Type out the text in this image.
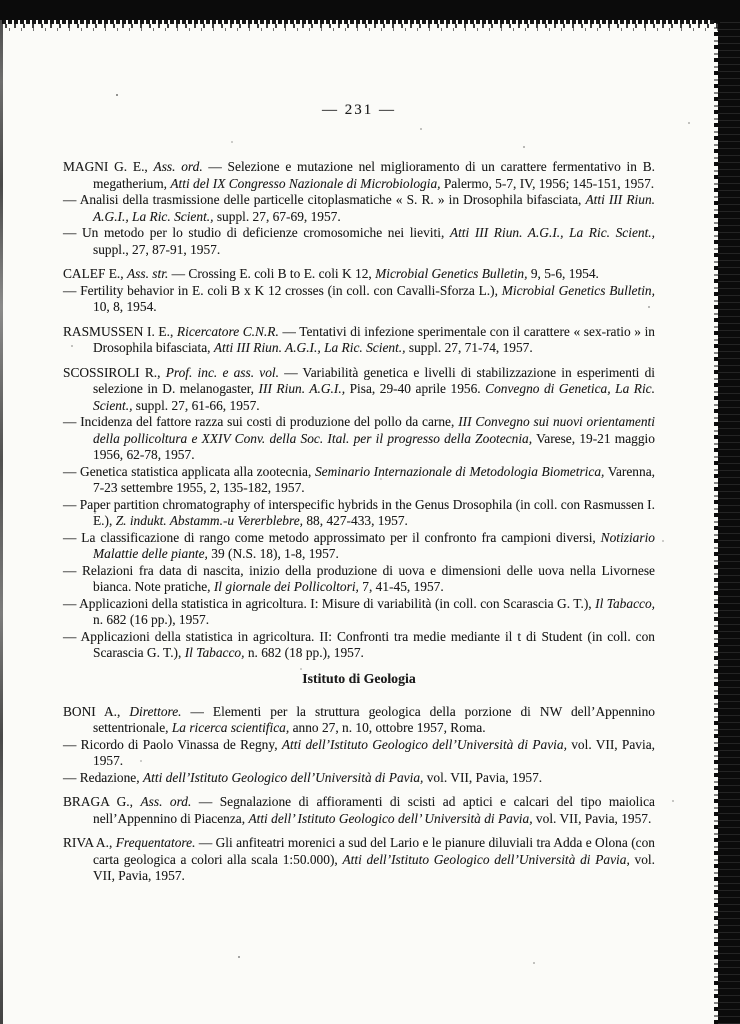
— 231 —

MAGNI G. E., Ass. ord. — Selezione e mutazione nel miglioramento di un carattere fermentativo in B. megatherium, Atti del IX Congresso Nazionale di Microbiologia, Palermo, 5-7, IV, 1956; 145-151, 1957.

— Analisi della trasmissione delle particelle citoplasmatiche « S. R. » in Drosophila bifasciata, Atti III Riun. A.G.I., La Ric. Scient., suppl. 27, 67-69, 1957.

— Un metodo per lo studio di deficienze cromosomiche nei lieviti, Atti III Riun. A.G.I., La Ric. Scient., suppl., 27, 87-91, 1957.

CALEF E., Ass. str. — Crossing E. coli B to E. coli K 12, Microbial Genetics Bulletin, 9, 5-6, 1954.

— Fertility behavior in E. coli B x K 12 crosses (in coll. con Cavalli-Sforza L.), Microbial Genetics Bulletin, 10, 8, 1954.

RASMUSSEN I. E., Ricercatore C.N.R. — Tentativi di infezione sperimentale con il carattere « sex-ratio » in Drosophila bifasciata, Atti III Riun. A.G.I., La Ric. Scient., suppl. 27, 71-74, 1957.

SCOSSIROLI R., Prof. inc. e ass. vol. — Variabilità genetica e livelli di stabilizzazione in esperimenti di selezione in D. melanogaster, III Riun. A.G.I., Pisa, 29-40 aprile 1956. Convegno di Genetica, La Ric. Scient., suppl. 27, 61-66, 1957.

— Incidenza del fattore razza sui costi di produzione del pollo da carne, III Convegno sui nuovi orientamenti della pollicoltura e XXIV Conv. della Soc. Ital. per il progresso della Zootecnia, Varese, 19-21 maggio 1956, 62-78, 1957.

— Genetica statistica applicata alla zootecnia, Seminario Internazionale di Metodologia Biometrica, Varenna, 7-23 settembre 1955, 2, 135-182, 1957.

— Paper partition chromatography of interspecific hybrids in the Genus Drosophila (in coll. con Rasmussen I. E.), Z. indukt. Abstamm.-u Vererblebre, 88, 427-433, 1957.

— La classificazione di rango come metodo approssimato per il confronto fra campioni diversi, Notiziario Malattie delle piante, 39 (N.S. 18), 1-8, 1957.

— Relazioni fra data di nascita, inizio della produzione di uova e dimensioni delle uova nella Livornese bianca. Note pratiche, Il giornale dei Pollicoltori, 7, 41-45, 1957.

— Applicazioni della statistica in agricoltura. I: Misure di variabilità (in coll. con Scarascia G. T.), Il Tabacco, n. 682 (16 pp.), 1957.

— Applicazioni della statistica in agricoltura. II: Confronti tra medie mediante il t di Student (in coll. con Scarascia G. T.), Il Tabacco, n. 682 (18 pp.), 1957.

Istituto di Geologia

BONI A., Direttore. — Elementi per la struttura geologica della porzione di NW dell’Appennino settentrionale, La ricerca scientifica, anno 27, n. 10, ottobre 1957, Roma.

— Ricordo di Paolo Vinassa de Regny, Atti dell’Istituto Geologico dell’Università di Pavia, vol. VII, Pavia, 1957.

— Redazione, Atti dell’Istituto Geologico dell’Università di Pavia, vol. VII, Pavia, 1957.

BRAGA G., Ass. ord. — Segnalazione di affioramenti di scisti ad aptici e calcari del tipo maiolica nell’Appennino di Piacenza, Atti dell’ Istituto Geologico dell’ Università di Pavia, vol. VII, Pavia, 1957.

RIVA A., Frequentatore. — Gli anfiteatri morenici a sud del Lario e le pianure diluviali tra Adda e Olona (con carta geologica a colori alla scala 1:50.000), Atti dell’Istituto Geologico dell’Università di Pavia, vol. VII, Pavia, 1957.
